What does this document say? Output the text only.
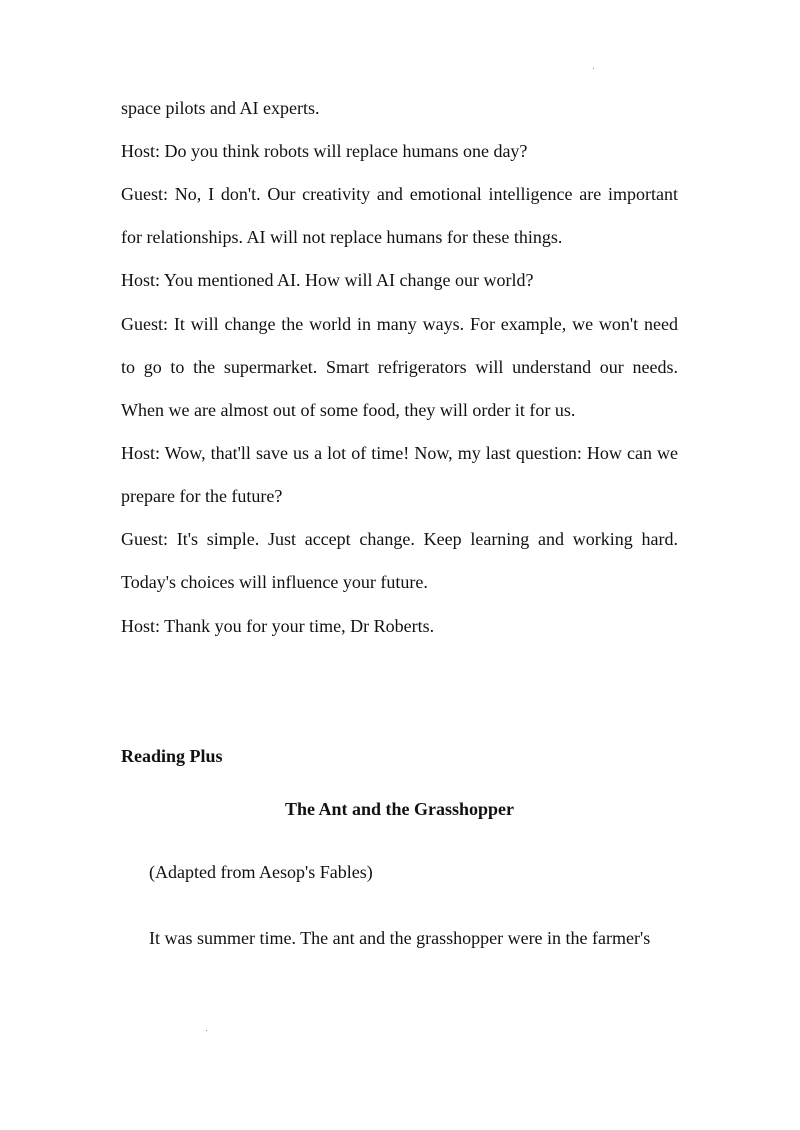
space pilots and AI experts.

Host: Do you think robots will replace humans one day?

Guest: No, I don't. Our creativity and emotional intelligence are important for relationships. AI will not replace humans for these things.

Host: You mentioned AI. How will AI change our world?

Guest: It will change the world in many ways. For example, we won't need to go to the supermarket. Smart refrigerators will understand our needs. When we are almost out of some food, they will order it for us.

Host: Wow, that'll save us a lot of time! Now, my last question: How can we prepare for the future?

Guest: It's simple. Just accept change. Keep learning and working hard. Today's choices will influence your future.

Host: Thank you for your time, Dr Roberts.

Reading Plus

The Ant and the Grasshopper

(Adapted from Aesop's Fables)

It was summer time. The ant and the grasshopper were in the farmer's
